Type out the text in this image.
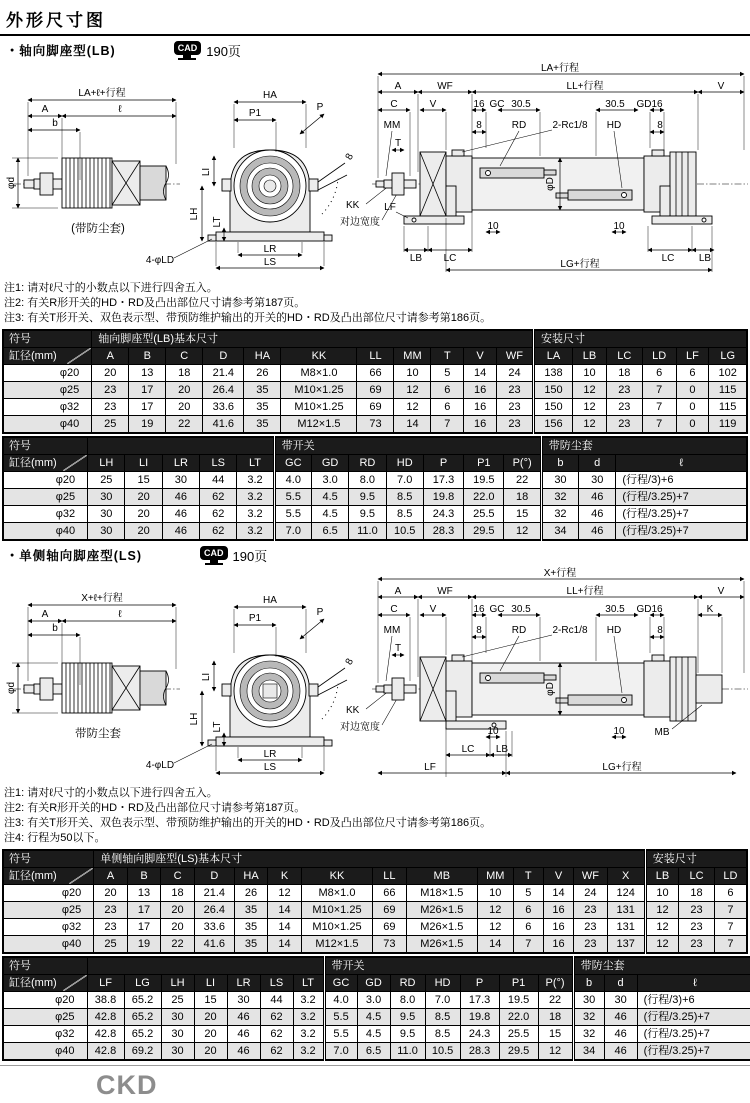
外形尺寸图
● 轴向脚座型(LB)	CAD 190页
LA+ℓ+行程
A	ℓ
b
φd
(带防尘套)
HA
P1
P
8
LI
LH
LT
LR
LS
4-φLD
KK
对边宽度
LA+行程
A	WF	LL+行程	V
C	V	16 GC 30.5	30.5 GD 16
MM	8	RD	2-Rc1/8 HD	8
T
LF
LB LC
10
φD
10
LC LB
LG+行程
注1: 请对ℓ尺寸的小数点以下进行四舍五入。
注2: 有关R形开关的HD・RD及凸出部位尺寸请参考第187页。
注3: 有关T形开关、双色表示型、带预防维护输出的开关的HD・RD及凸出部位尺寸请参考第186页。
符号	轴向脚座型(LB)基本尺寸											安装尺寸					
缸径(mm)	A	B	C	D	HA	KK	LL	MM	T	V	WF	LA	LB	LC	LD	LF	LG
φ20	20	13	18	21.4	26	M8×1.0	66	10	5	14	24	138	10	18	6	6	102
φ25	23	17	20	26.4	35	M10×1.25	69	12	6	16	23	150	12	23	7	0	115
φ32	23	17	20	33.6	35	M10×1.25	69	12	6	16	23	150	12	23	7	0	115
φ40	25	19	22	41.6	35	M12×1.5	73	14	7	16	23	156	12	23	7	0	119
符号						带开关							带防尘套		
缸径(mm)	LH	LI	LR	LS	LT	GC	GD	RD	HD	P	P1	P(°)	b	d	ℓ
φ20	25	15	30	44	3.2	4.0	3.0	8.0	7.0	17.3	19.5	22	30	30	(行程/3)+6
φ25	30	20	46	62	3.2	5.5	4.5	9.5	8.5	19.8	22.0	18	32	46	(行程/3.25)+7
φ32	30	20	46	62	3.2	5.5	4.5	9.5	8.5	24.3	25.5	15	32	46	(行程/3.25)+7
φ40	30	20	46	62	3.2	7.0	6.5	11.0	10.5	28.3	29.5	12	34	46	(行程/3.25)+7
● 单侧轴向脚座型(LS)	CAD 190页
X+ℓ+行程
A	ℓ
b
φd
带防尘套
HA
P1
P
8
LI
LH
LT
LR
LS
4-φLD
KK
对边宽度
X+行程
A	WF	LL+行程	V
C	V	16 GC 30.5	30.5 GD 16	K
MM	8	RD	2-Rc1/8 HD	8
T
MB
10
φD
10
LC LB
LF	LG+行程
注1: 请对ℓ尺寸的小数点以下进行四舍五入。
注2: 有关R形开关的HD・RD及凸出部位尺寸请参考第187页。
注3: 有关T形开关、双色表示型、带预防维护输出的开关的HD・RD及凸出部位尺寸请参考第186页。
注4: 行程为50以下。
符号	单侧轴向脚座型(LS)基本尺寸														安装尺寸		
缸径(mm)	A	B	C	D	HA	K	KK	LL	MB	MM	T	V	WF	X	LB	LC	LD
φ20	20	13	18	21.4	26	12	M8×1.0	66	M18×1.5	10	5	14	24	124	10	18	6
φ25	23	17	20	26.4	35	14	M10×1.25	69	M26×1.5	12	6	16	23	131	12	23	7
φ32	23	17	20	33.6	35	14	M10×1.25	69	M26×1.5	12	6	16	23	131	12	23	7
φ40	25	19	22	41.6	35	14	M12×1.5	73	M26×1.5	14	7	16	23	137	12	23	7
符号								带开关							带防尘套		
缸径(mm)	LF	LG	LH	LI	LR	LS	LT	GC	GD	RD	HD	P	P1	P(°)	b	d	ℓ
φ20	38.8	65.2	25	15	30	44	3.2	4.0	3.0	8.0	7.0	17.3	19.5	22	30	30	(行程/3)+6
φ25	42.8	65.2	30	20	46	62	3.2	5.5	4.5	9.5	8.5	19.8	22.0	18	32	46	(行程/3.25)+7
φ32	42.8	65.2	30	20	46	62	3.2	5.5	4.5	9.5	8.5	24.3	25.5	15	32	46	(行程/3.25)+7
φ40	42.8	69.2	30	20	46	62	3.2	7.0	6.5	11.0	10.5	28.3	29.5	12	34	46	(行程/3.25)+7
CKD
